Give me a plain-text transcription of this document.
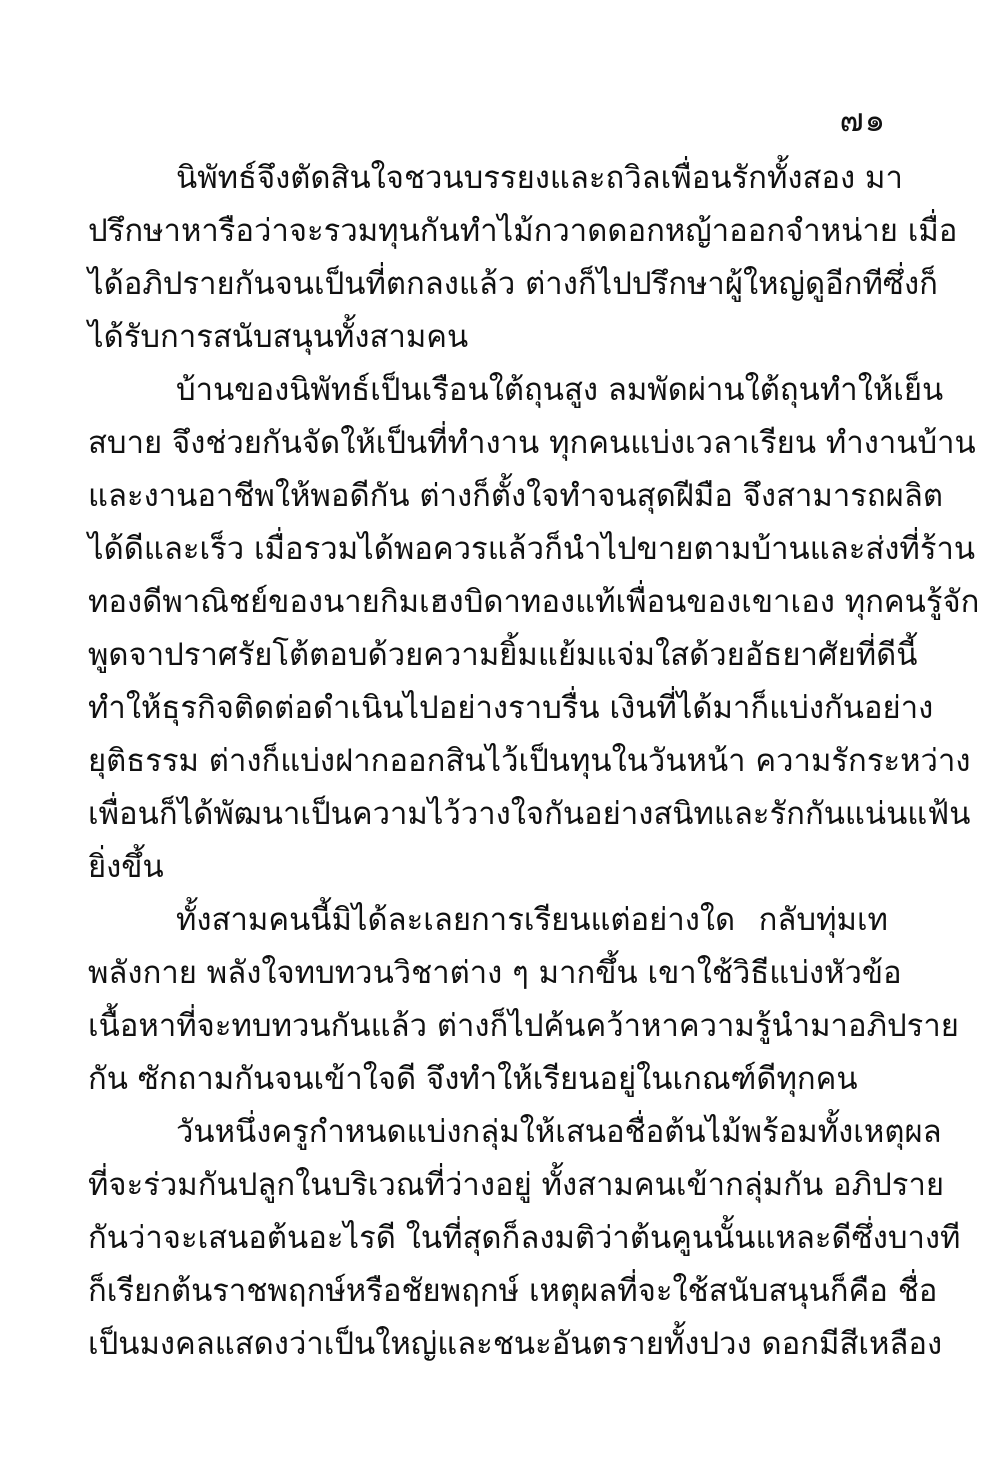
๗๑
นิพัทธ์จึงตัดสินใจชวนบรรยงและถวิลเพื่อนรักทั้งสอง มา
ปรึกษาหารือว่าจะรวมทุนกันทำไม้กวาดดอกหญ้าออกจำหน่าย เมื่อ
ได้อภิปรายกันจนเป็นที่ตกลงแล้ว ต่างก็ไปปรึกษาผู้ใหญ่ดูอีกทีซึ่งก็
ได้รับการสนับสนุนทั้งสามคน
บ้านของนิพัทธ์เป็นเรือนใต้ถุนสูง ลมพัดผ่านใต้ถุนทำให้เย็น
สบาย จึงช่วยกันจัดให้เป็นที่ทำงาน ทุกคนแบ่งเวลาเรียน ทำงานบ้าน
และงานอาชีพให้พอดีกัน ต่างก็ตั้งใจทำจนสุดฝีมือ จึงสามารถผลิต
ได้ดีและเร็ว เมื่อรวมได้พอควรแล้วก็นำไปขายตามบ้านและส่งที่ร้าน
ทองดีพาณิชย์ของนายกิมเฮงบิดาทองแท้เพื่อนของเขาเอง ทุกคนรู้จัก
พูดจาปราศรัยโต้ตอบด้วยความยิ้มแย้มแจ่มใสด้วยอัธยาศัยที่ดีนี้
ทำให้ธุรกิจติดต่อดำเนินไปอย่างราบรื่น เงินที่ได้มาก็แบ่งกันอย่าง
ยุติธรรม ต่างก็แบ่งฝากออกสินไว้เป็นทุนในวันหน้า ความรักระหว่าง
เพื่อนก็ได้พัฒนาเป็นความไว้วางใจกันอย่างสนิทและรักกันแน่นแฟ้น
ยิ่งขึ้น
ทั้งสามคนนี้มิได้ละเลยการเรียนแต่อย่างใด กลับทุ่มเท
พลังกาย พลังใจทบทวนวิชาต่าง ๆ มากขึ้น เขาใช้วิธีแบ่งหัวข้อ
เนื้อหาที่จะทบทวนกันแล้ว ต่างก็ไปค้นคว้าหาความรู้นำมาอภิปราย
กัน ซักถามกันจนเข้าใจดี จึงทำให้เรียนอยู่ในเกณฑ์ดีทุกคน
วันหนึ่งครูกำหนดแบ่งกลุ่มให้เสนอชื่อต้นไม้พร้อมทั้งเหตุผล
ที่จะร่วมกันปลูกในบริเวณที่ว่างอยู่ ทั้งสามคนเข้ากลุ่มกัน อภิปราย
กันว่าจะเสนอต้นอะไรดี ในที่สุดก็ลงมติว่าต้นคูนนั้นแหละดีซึ่งบางที
ก็เรียกต้นราชพฤกษ์หรือชัยพฤกษ์ เหตุผลที่จะใช้สนับสนุนก็คือ ชื่อ
เป็นมงคลแสดงว่าเป็นใหญ่และชนะอันตรายทั้งปวง ดอกมีสีเหลือง
